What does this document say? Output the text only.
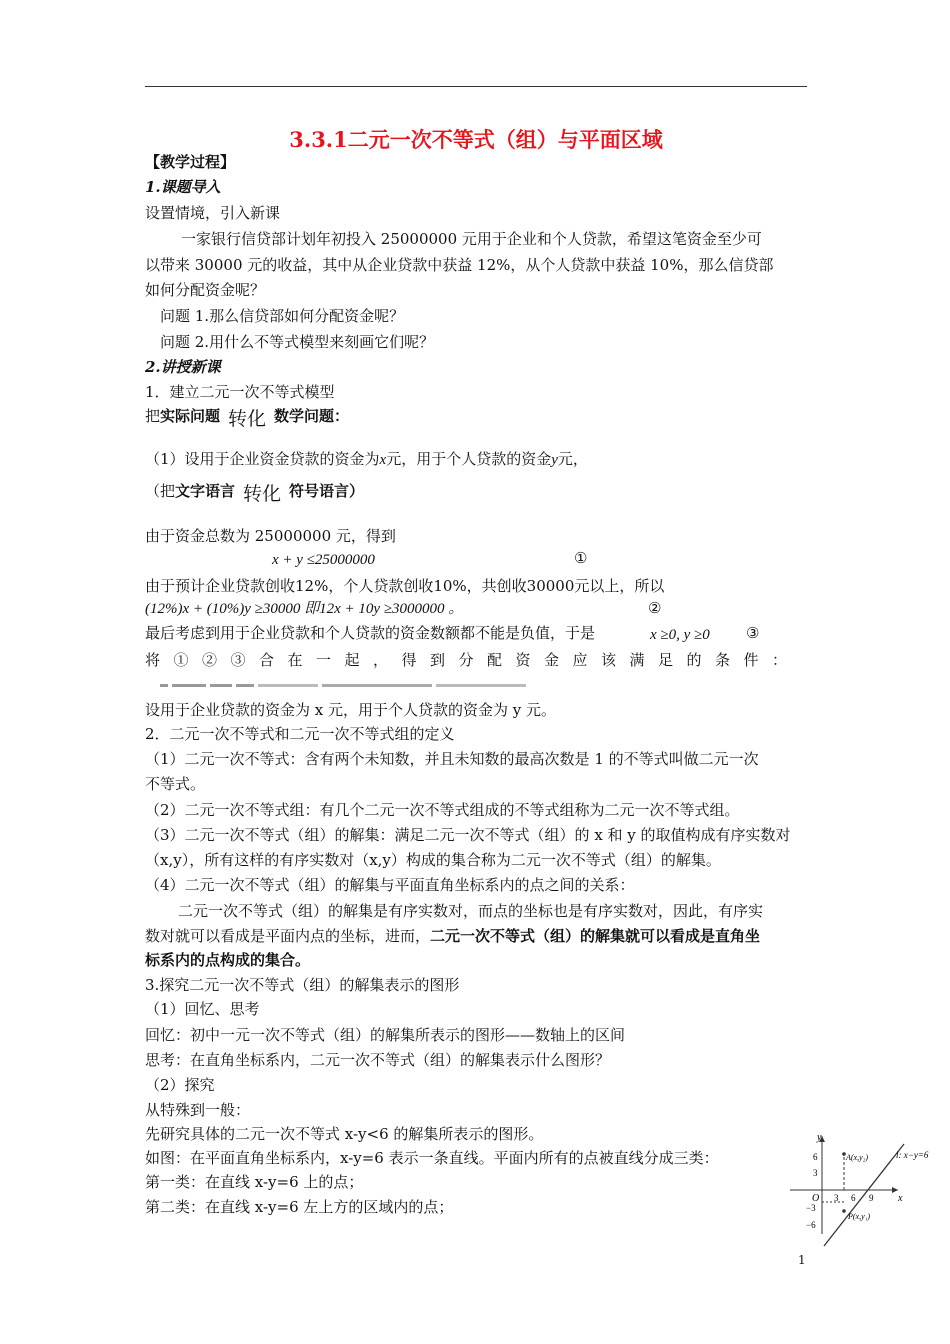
3.3.1二元一次不等式（组）与平面区域
【教学过程】
1.课题导入
设置情境，引入新课
一家银行信贷部计划年初投入 25000000 元用于企业和个人贷款，希望这笔资金至少可
以带来 30000 元的收益，其中从企业贷款中获益 12%，从个人贷款中获益 10%，那么信贷部
如何分配资金呢？
问题 1.那么信贷部如何分配资金呢？
问题 2.用什么不等式模型来刻画它们呢？
2.讲授新课
1．建立二元一次不等式模型
把实际问题 转化 数学问题：
（1）设用于企业资金贷款的资金为x元，用于个人贷款的资金y元，
（把文字语言 转化 符号语言）
由于资金总数为 25000000 元，得到
x + y ≤25000000	①
由于预计企业贷款创收12%，个人贷款创收10%，共创收30000元以上，所以
(12%)x + (10%)y ≥30000 即12x + 10y ≥3000000 。	②
最后考虑到用于企业贷款和个人贷款的资金数额都不能是负值，于是	x ≥0, y ≥0 ③
将①②③合在一起，得到分配资金应该满足的条件：
设用于企业贷款的资金为 x 元，用于个人贷款的资金为 y 元。
2．二元一次不等式和二元一次不等式组的定义
（1）二元一次不等式：含有两个未知数，并且未知数的最高次数是 1 的不等式叫做二元一次
不等式。
（2）二元一次不等式组：有几个二元一次不等式组成的不等式组称为二元一次不等式组。
（3）二元一次不等式（组）的解集：满足二元一次不等式（组）的 x 和 y 的取值构成有序实数对
（x,y），所有这样的有序实数对（x,y）构成的集合称为二元一次不等式（组）的解集。
（4）二元一次不等式（组）的解集与平面直角坐标系内的点之间的关系：
二元一次不等式（组）的解集是有序实数对，而点的坐标也是有序实数对，因此，有序实
数对就可以看成是平面内点的坐标，进而，二元一次不等式（组）的解集就可以看成是直角坐
标系内的点构成的集合。
3.探究二元一次不等式（组）的解集表示的图形
（1）回忆、思考
回忆：初中一元一次不等式（组）的解集所表示的图形——数轴上的区间
思考：在直角坐标系内，二元一次不等式（组）的解集表示什么图形？
（2）探究
从特殊到一般：
先研究具体的二元一次不等式 x-y<6 的解集所表示的图形。
如图：在平面直角坐标系内，x-y=6 表示一条直线。平面内所有的点被直线分成三类：
第一类：在直线 x-y=6 上的点；
第二类：在直线 x-y=6 左上方的区域内的点；
y
x
O
6
3
−3
−6
3 6 9
A(x,y₂)
P(x,y₁)
l: x−y=6
1
